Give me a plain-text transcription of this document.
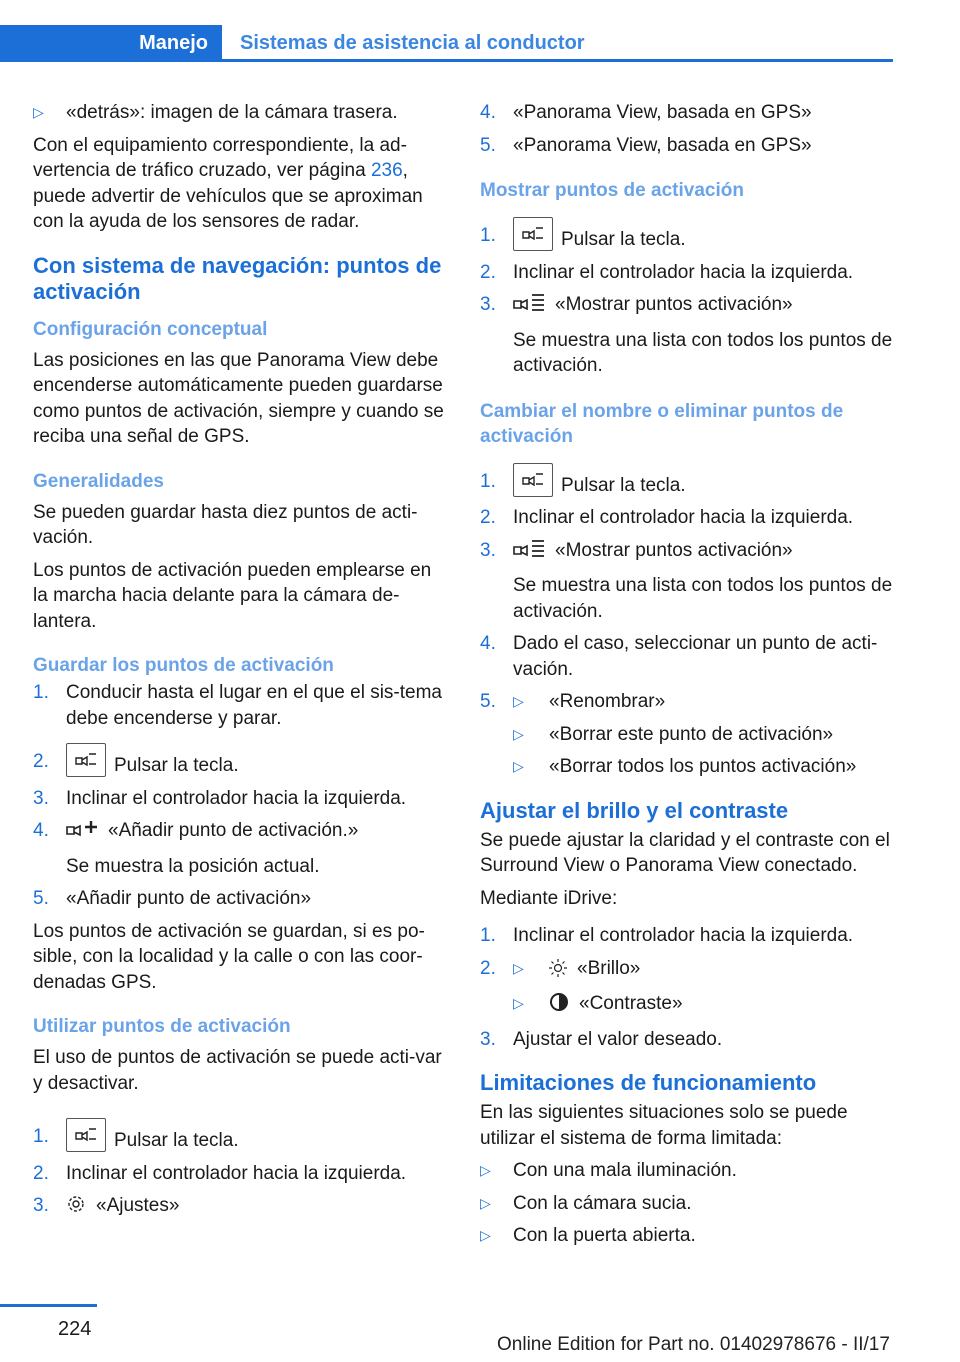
Manejo	Sistemas de asistencia al conductor
▷ «detrás»: imagen de la cámara trasera.

Con el equipamiento correspondiente, la ad-vertencia de tráfico cruzado, ver página 236, puede advertir de vehículos que se aproximan con la ayuda de los sensores de radar.

Con sistema de navegación: puntos de activación
Configuración conceptual

Las posiciones en las que Panorama View debe encenderse automáticamente pueden guardarse como puntos de activación, siempre y cuando se reciba una señal de GPS.

Generalidades

Se pueden guardar hasta diez puntos de acti-vación.

Los puntos de activación pueden emplearse en la marcha hacia delante para la cámara de-lantera.

Guardar los puntos de activación
1. Conducir hasta el lugar en el que el sis-tema debe encenderse y parar.
2.	Pulsar la tecla.
3. Inclinar el controlador hacia la izquierda.
4.	«Añadir punto de activación.»
Se muestra la posición actual.
5. «Añadir punto de activación»

Los puntos de activación se guardan, si es po-sible, con la localidad y la calle o con las coor-denadas GPS.

Utilizar puntos de activación

El uso de puntos de activación se puede acti-var y desactivar.

1.	Pulsar la tecla.
2. Inclinar el controlador hacia la izquierda.
3. «Ajustes»
4. «Panorama View, basada en GPS»
5. «Panorama View, basada en GPS»
Mostrar puntos de activación
1.	Pulsar la tecla.
2. Inclinar el controlador hacia la izquierda.
3.	«Mostrar puntos activación»
Se muestra una lista con todos los puntos de activación.
Cambiar el nombre o eliminar puntos de activación
1.	Pulsar la tecla.
2. Inclinar el controlador hacia la izquierda.
3.	«Mostrar puntos activación»
Se muestra una lista con todos los puntos de activación.
4. Dado el caso, seleccionar un punto de acti-vación.
5. ▷ «Renombrar»
▷ «Borrar este punto de activación»
▷ «Borrar todos los puntos activación»
Ajustar el brillo y el contraste

Se puede ajustar la claridad y el contraste con el Surround View o Panorama View conectado.

Mediante iDrive:

1. Inclinar el controlador hacia la izquierda.
2. ▷	«Brillo»
▷	«Contraste»
3. Ajustar el valor deseado.
Limitaciones de funcionamiento

En las siguientes situaciones solo se puede utilizar el sistema de forma limitada:

▷ Con una mala iluminación.
▷ Con la cámara sucia.
▷ Con la puerta abierta.
224
Online Edition for Part no. 01402978676 - II/17
